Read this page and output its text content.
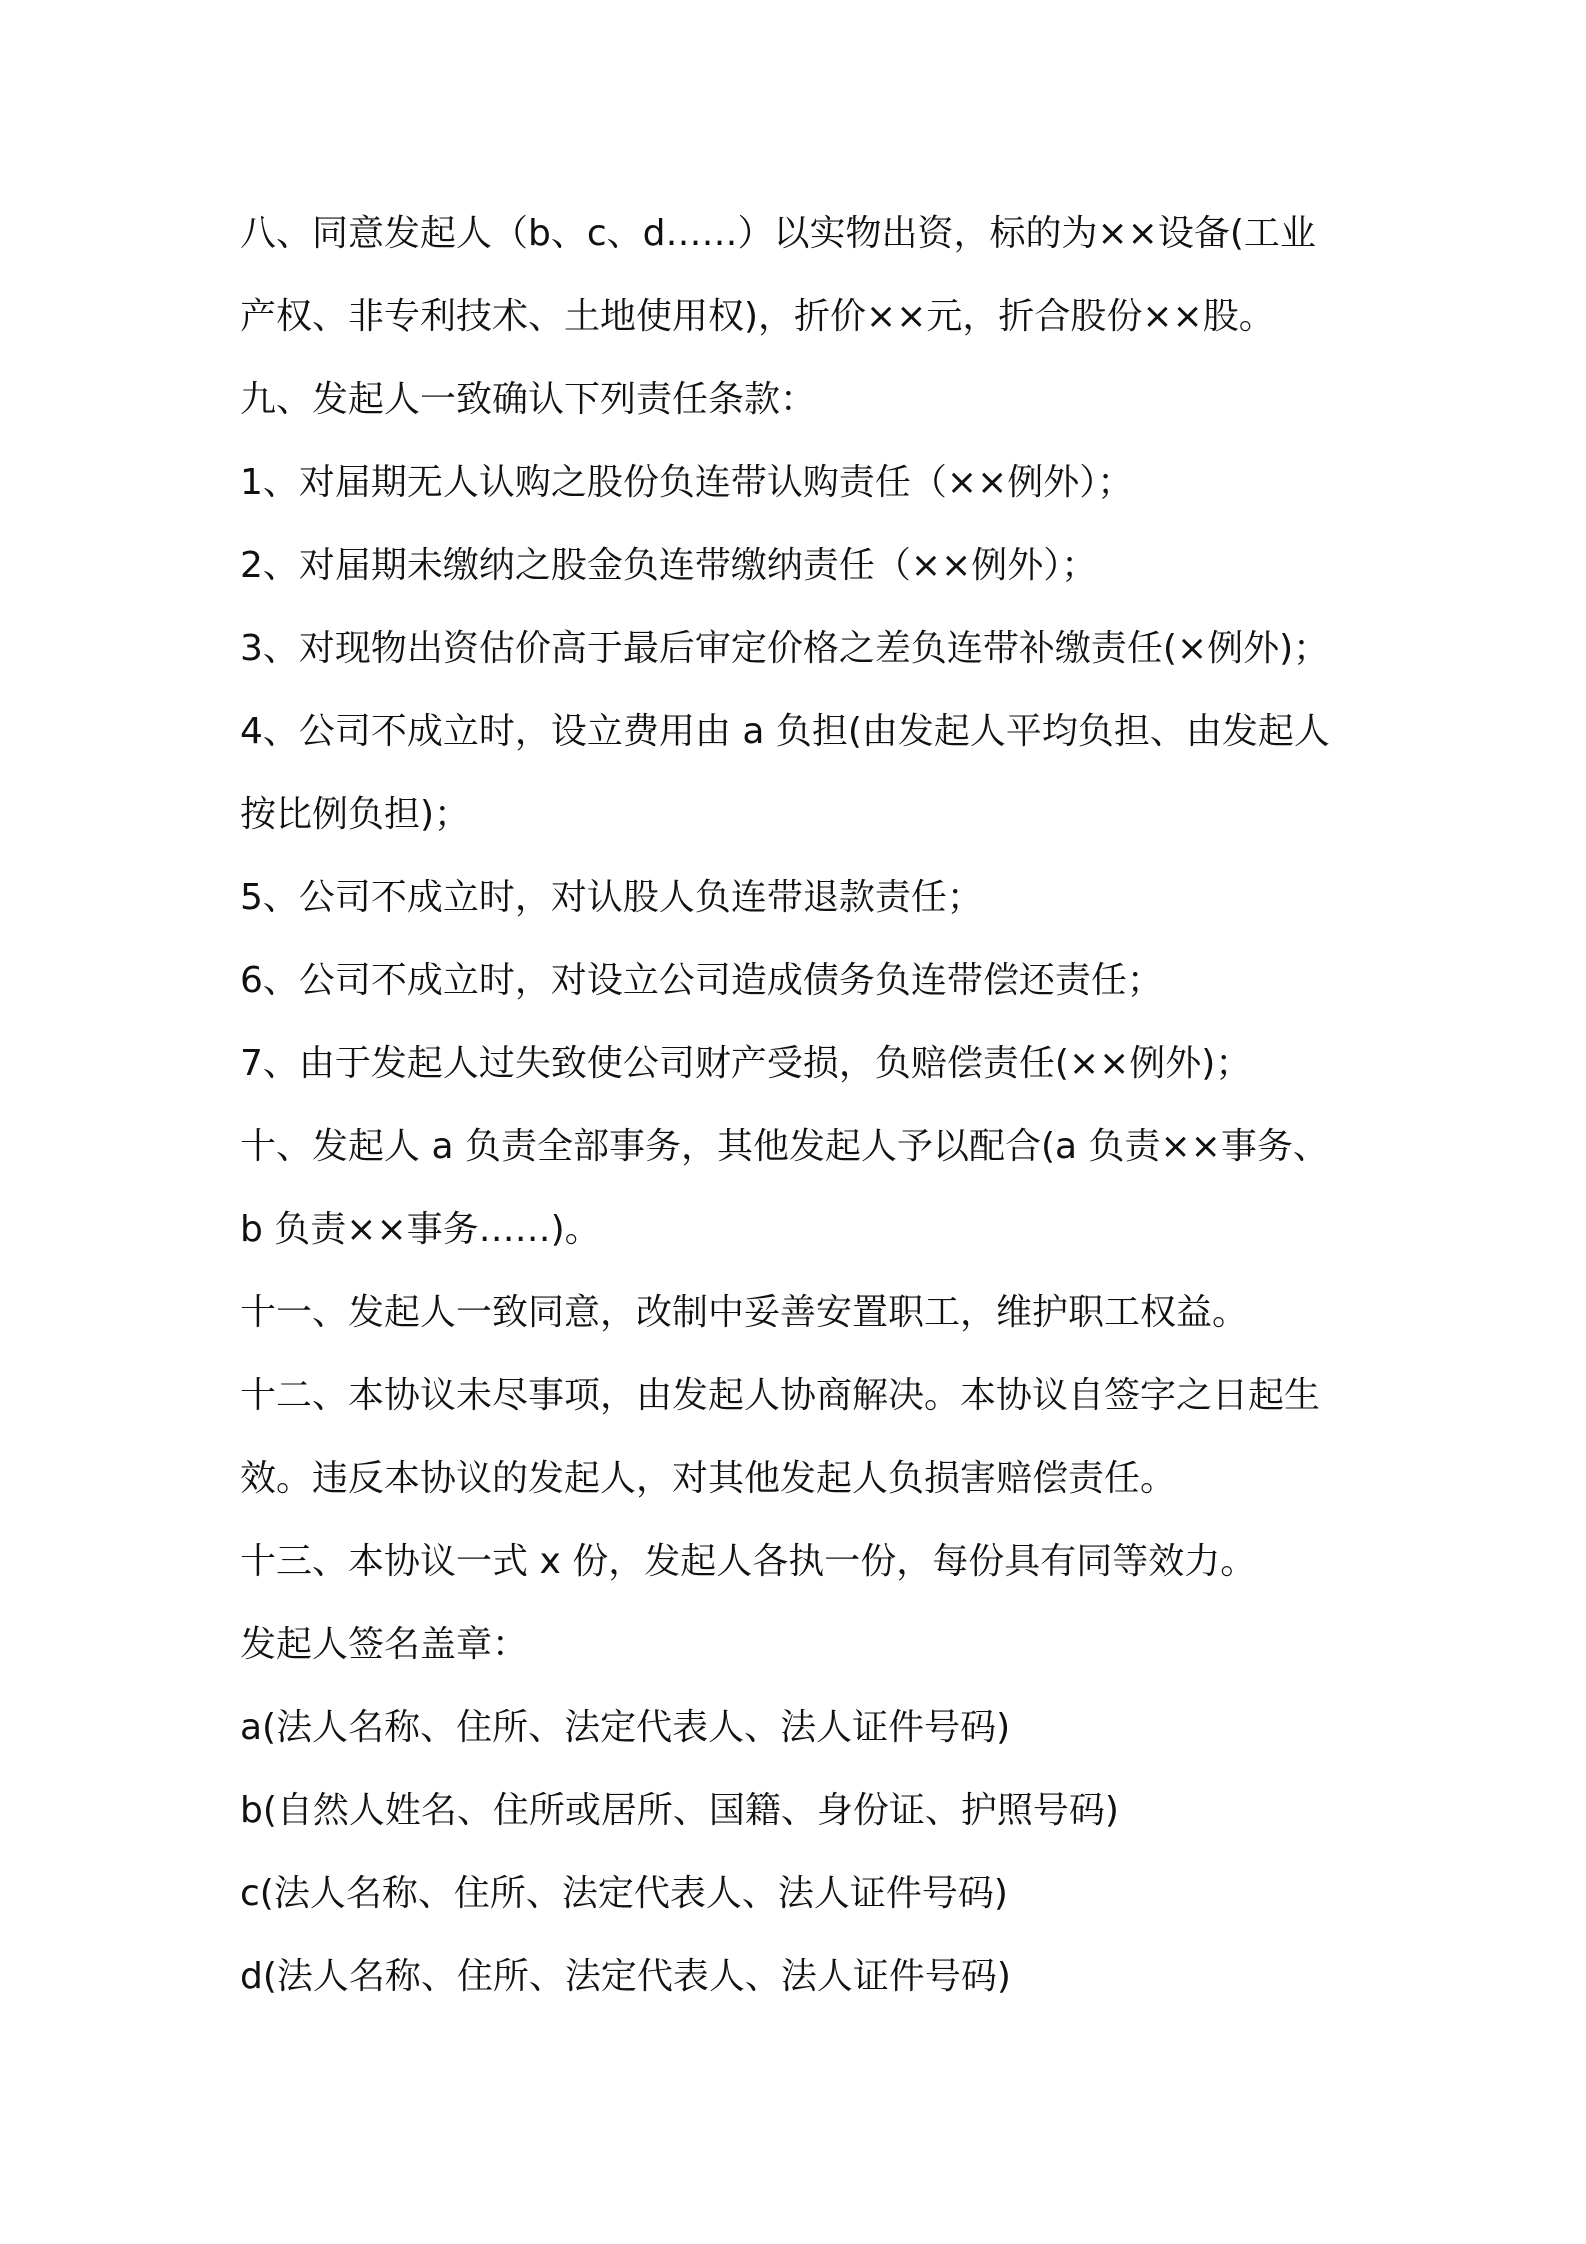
八、同意发起人（b、c、d……）以实物出资，标的为××设备(工业

产权、非专利技术、土地使用权)，折价××元，折合股份××股。

九、发起人一致确认下列责任条款：

1、对届期无人认购之股份负连带认购责任（××例外）；

2、对届期未缴纳之股金负连带缴纳责任（××例外）；

3、对现物出资估价高于最后审定价格之差负连带补缴责任(×例外)；

4、公司不成立时，设立费用由 a 负担(由发起人平均负担、由发起人

按比例负担)；

5、公司不成立时，对认股人负连带退款责任；

6、公司不成立时，对设立公司造成债务负连带偿还责任；

7、由于发起人过失致使公司财产受损，负赔偿责任(××例外)；

十、发起人 a 负责全部事务，其他发起人予以配合(a 负责××事务、

b 负责××事务……)。

十一、发起人一致同意，改制中妥善安置职工，维护职工权益。

十二、本协议未尽事项，由发起人协商解决。本协议自签字之日起生

效。违反本协议的发起人，对其他发起人负损害赔偿责任。

十三、本协议一式 x 份，发起人各执一份，每份具有同等效力。

发起人签名盖章：

a(法人名称、住所、法定代表人、法人证件号码)

b(自然人姓名、住所或居所、国籍、身份证、护照号码)

c(法人名称、住所、法定代表人、法人证件号码)

d(法人名称、住所、法定代表人、法人证件号码)
